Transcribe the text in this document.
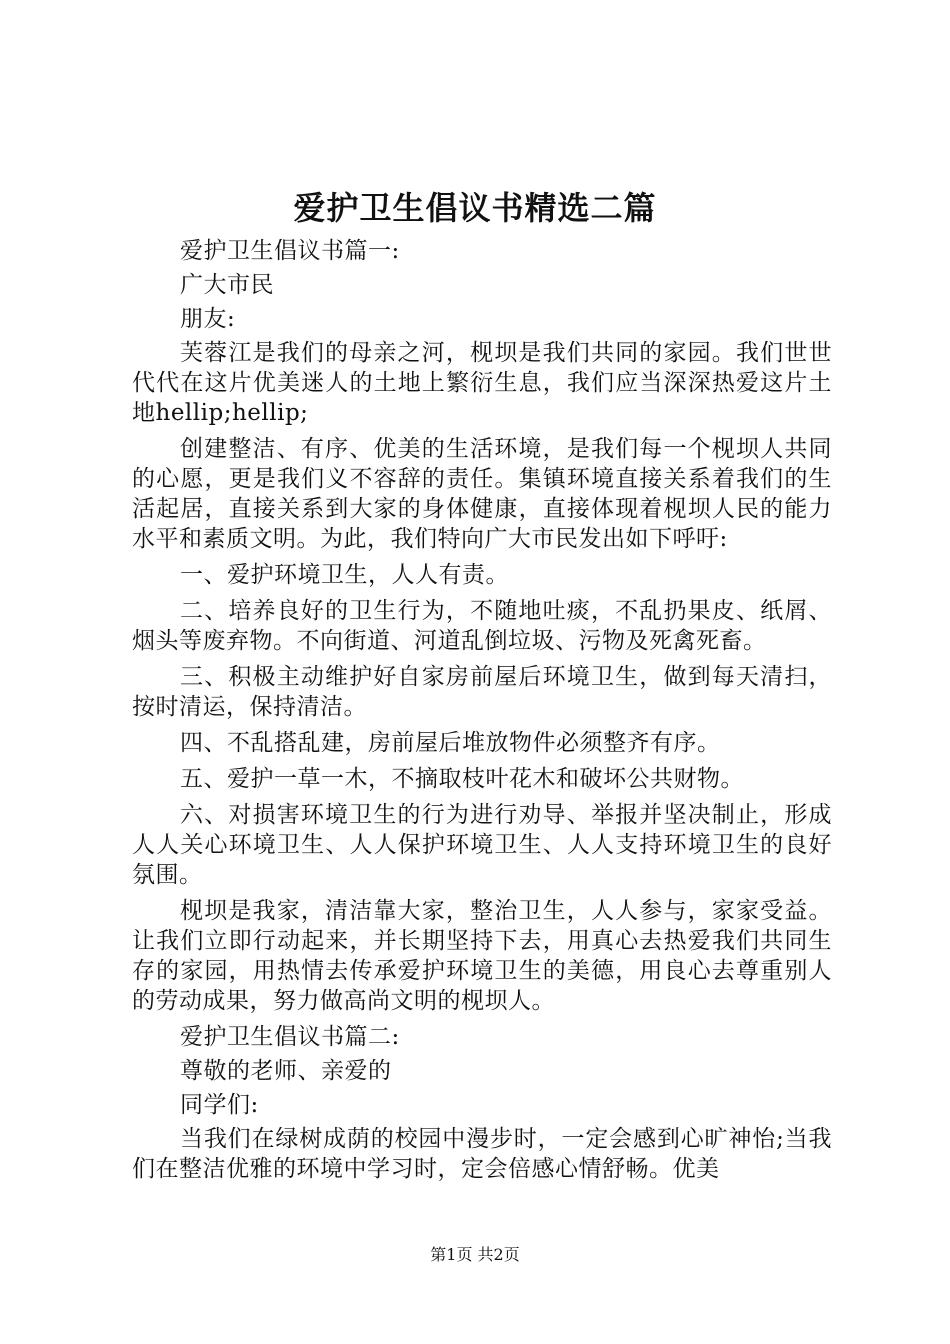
爱护卫生倡议书精选二篇

爱护卫生倡议书篇一:

广大市民

朋友:

芙蓉江是我们的母亲之河，枧坝是我们共同的家园。我们世世代代在这片优美迷人的土地上繁衍生息，我们应当深深热爱这片土地hellip;hellip;

创建整洁、有序、优美的生活环境，是我们每一个枧坝人共同的心愿，更是我们义不容辞的责任。集镇环境直接关系着我们的生活起居，直接关系到大家的身体健康，直接体现着枧坝人民的能力水平和素质文明。为此，我们特向广大市民发出如下呼吁:

一、爱护环境卫生，人人有责。

二、培养良好的卫生行为，不随地吐痰，不乱扔果皮、纸屑、烟头等废弃物。不向街道、河道乱倒垃圾、污物及死禽死畜。

三、积极主动维护好自家房前屋后环境卫生，做到每天清扫，按时清运，保持清洁。

四、不乱搭乱建，房前屋后堆放物件必须整齐有序。

五、爱护一草一木，不摘取枝叶花木和破坏公共财物。

六、对损害环境卫生的行为进行劝导、举报并坚决制止，形成人人关心环境卫生、人人保护环境卫生、人人支持环境卫生的良好氛围。

枧坝是我家，清洁靠大家，整治卫生，人人参与，家家受益。让我们立即行动起来，并长期坚持下去，用真心去热爱我们共同生存的家园，用热情去传承爱护环境卫生的美德，用良心去尊重别人的劳动成果，努力做高尚文明的枧坝人。

爱护卫生倡议书篇二:

尊敬的老师、亲爱的

同学们:

当我们在绿树成荫的校园中漫步时，一定会感到心旷神怡;当我们在整洁优雅的环境中学习时，定会倍感心情舒畅。优美

第1页 共2页
